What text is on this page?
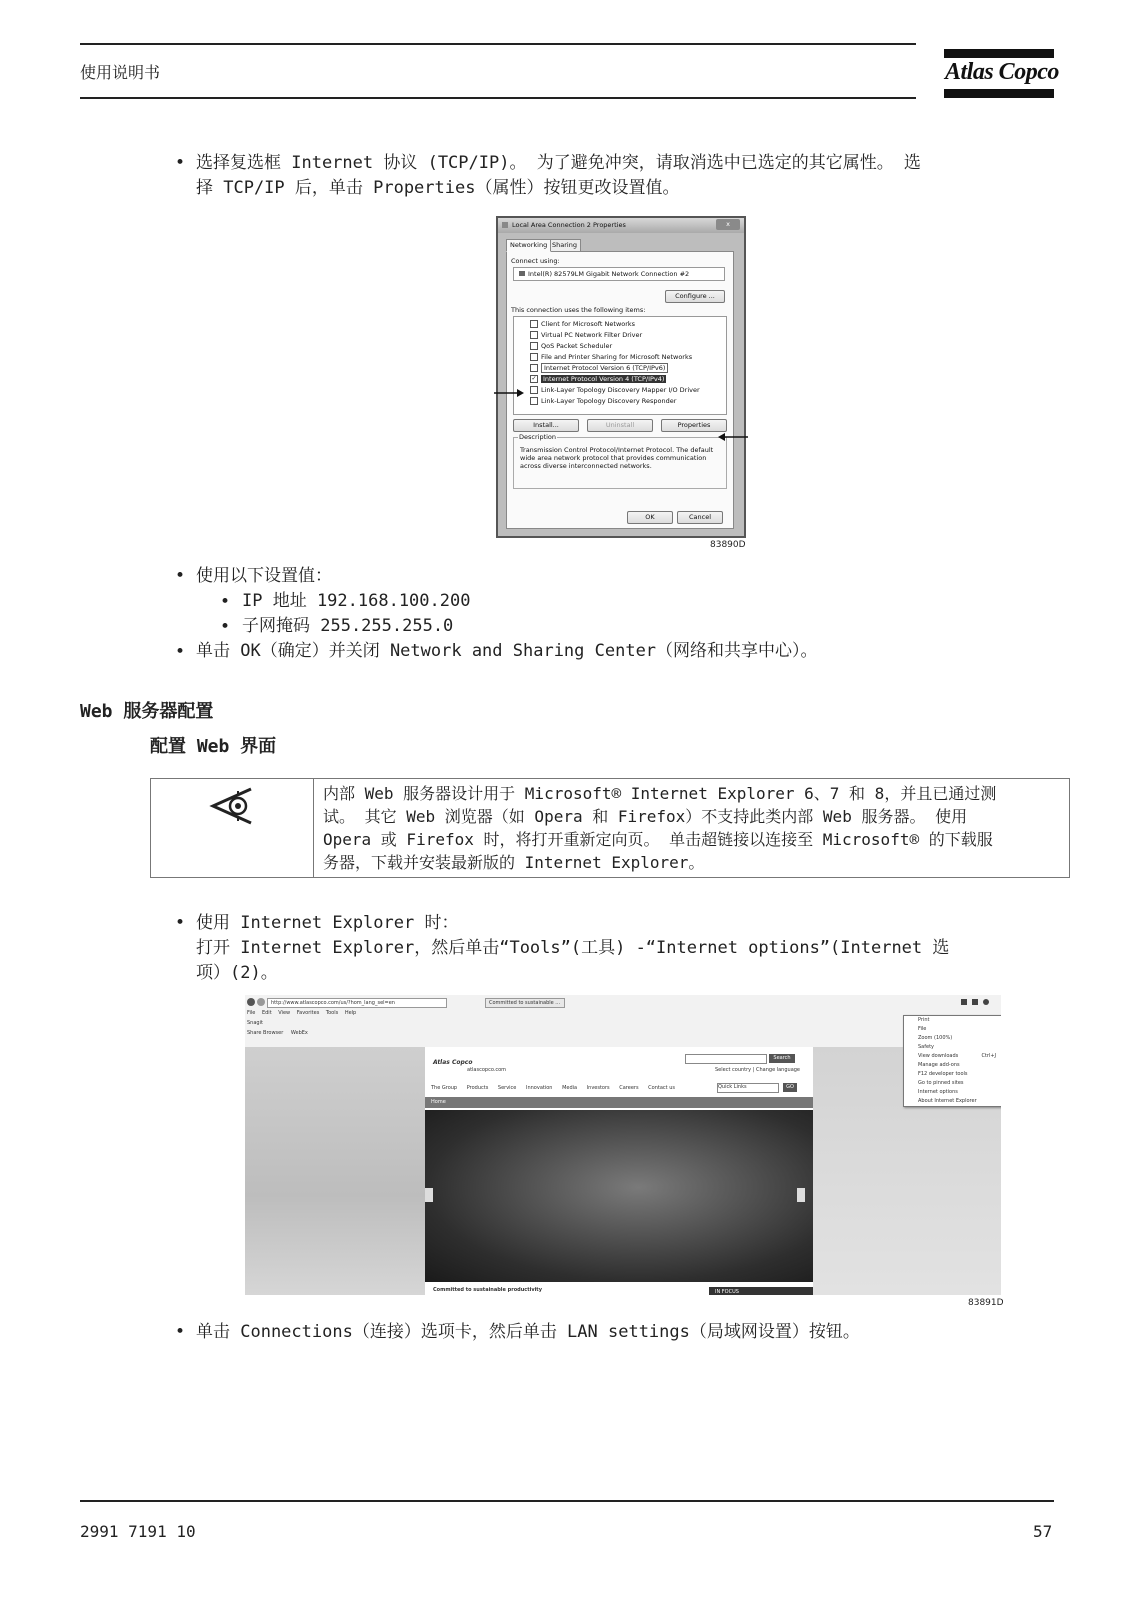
使用说明书	Atlas Copco
• 选择复选框 Internet 协议 (TCP/IP)。 为了避免冲突，请取消选中已选定的其它属性。 选
择 TCP/IP 后，单击 Properties（属性）按钮更改设置值。
Local Area Connection 2 Properties	x
Networking Sharing
Connect using:
Intel(R) 82579LM Gigabit Network Connection #2
Configure ...
This connection uses the following items:
Client for Microsoft Networks
Virtual PC Network Filter Driver
QoS Packet Scheduler
File and Printer Sharing for Microsoft Networks
Internet Protocol Version 6 (TCP/IPv6)
✓ Internet Protocol Version 4 (TCP/IPv4)
Link-Layer Topology Discovery Mapper I/O Driver
Link-Layer Topology Discovery Responder
Install...	Uninstall	Properties
Description
Transmission Control Protocol/Internet Protocol. The default wide area network protocol that provides communication across diverse interconnected networks.
OK	Cancel
83890D
• 使用以下设置值：
• IP 地址 192.168.100.200
• 子网掩码 255.255.255.0
• 单击 OK（确定）并关闭 Network and Sharing Center（网络和共享中心）。
Web 服务器配置
配置 Web 界面
内部 Web 服务器设计用于 Microsoft® Internet Explorer 6、7 和 8，并且已通过测
试。 其它 Web 浏览器（如 Opera 和 Firefox）不支持此类内部 Web 服务器。 使用
Opera 或 Firefox 时，将打开重新定向页。 单击超链接以连接至 Microsoft® 的下载服
务器，下载并安装最新版的 Internet Explorer。
• 使用 Internet Explorer 时：
打开 Internet Explorer，然后单击“Tools”(工具) -“Internet options”(Internet 选
项）(2)。
http://www.atlascopco.com/us/?hom_lang_sel=en	Committed to sustainable ...
File Edit View Favorites Tools Help
Snagit
Share Browser WebEx
Atlas Copco
atlascopco.com
Search
Select country | Change language
The Group Products Service Innovation Media Investors Careers Contact us	Quick Links	GO
Home
Committed to sustainable productivity	IN FOCUS
Print
File
Zoom (100%)
Safety
View downloads	Ctrl+J
Manage add-ons
F12 developer tools
Go to pinned sites
Internet options
About Internet Explorer
83891D
• 单击 Connections（连接）选项卡，然后单击 LAN settings（局域网设置）按钮。
2991 7191 10	57
